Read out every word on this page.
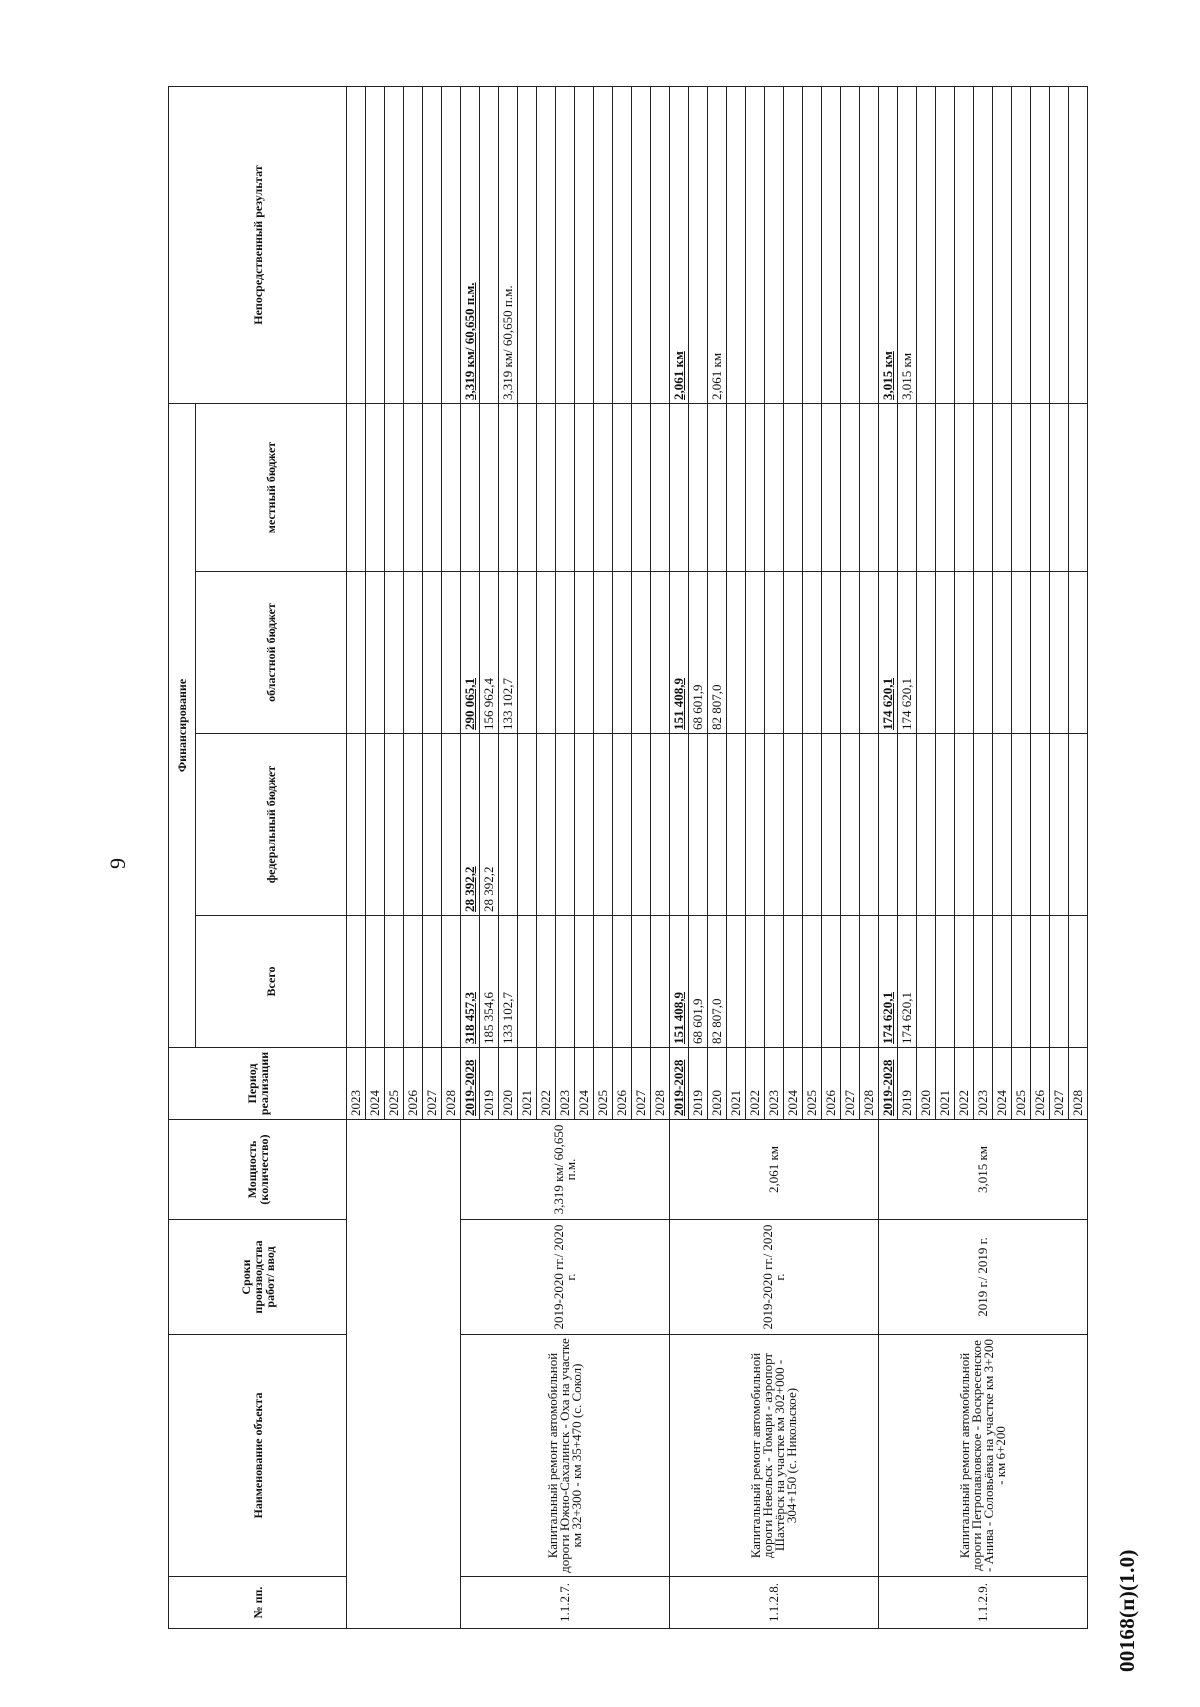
9
00168(п)(1.0)
№ пп.	Наименование объекта	Сроки производства работ/ ввод	Мощность (количество)	Период реализации	Финансирование				Непосредственный результат
					Всего	федеральный бюджет	областной бюджет	местный бюджет	
				2023					
				2024					
				2025					
				2026					
				2027					
				2028					
1.1.2.7.	Капитальный ремонт автомобильной дороги Южно-Сахалинск - Оха на участке км 32+300 - км 35+470 (с. Сокол)	2019-2020 гг./ 2020 г.	3,319 км/ 60,650 п.м.	2019-2028	318 457,3	28 392,2	290 065,1		3,319 км/ 60,650 п.м.
				2019	185 354,6	28 392,2	156 962,4		
				2020	133 102,7		133 102,7		3,319 км/ 60,650 п.м.
				2021					
				2022					
				2023					
				2024					
				2025					
				2026					
				2027					
				2028					
1.1.2.8.	Капитальный ремонт автомобильной дороги Невельск - Томари - аэропорт Шахтёрск на участке км 302+000 - 304+150 (с. Никольское)	2019-2020 гг./ 2020 г.	2,061 км	2019-2028	151 408,9		151 408,9		2,061 км
				2019	68 601,9		68 601,9		
				2020	82 807,0		82 807,0		2,061 км
				2021					
				2022					
				2023					
				2024					
				2025					
				2026					
				2027					
				2028					
1.1.2.9.	Капитальный ремонт автомобильной дороги Петропавловское - Воскресенское - Анива - Соловьёвка на участке км 3+200 - км 6+200	2019 г./ 2019 г.	3,015 км	2019-2028	174 620,1		174 620,1		3,015 км
				2019	174 620,1		174 620,1		3,015 км
				2020					
				2021					
				2022					
				2023					
				2024					
				2025					
				2026					
				2027					
				2028					
